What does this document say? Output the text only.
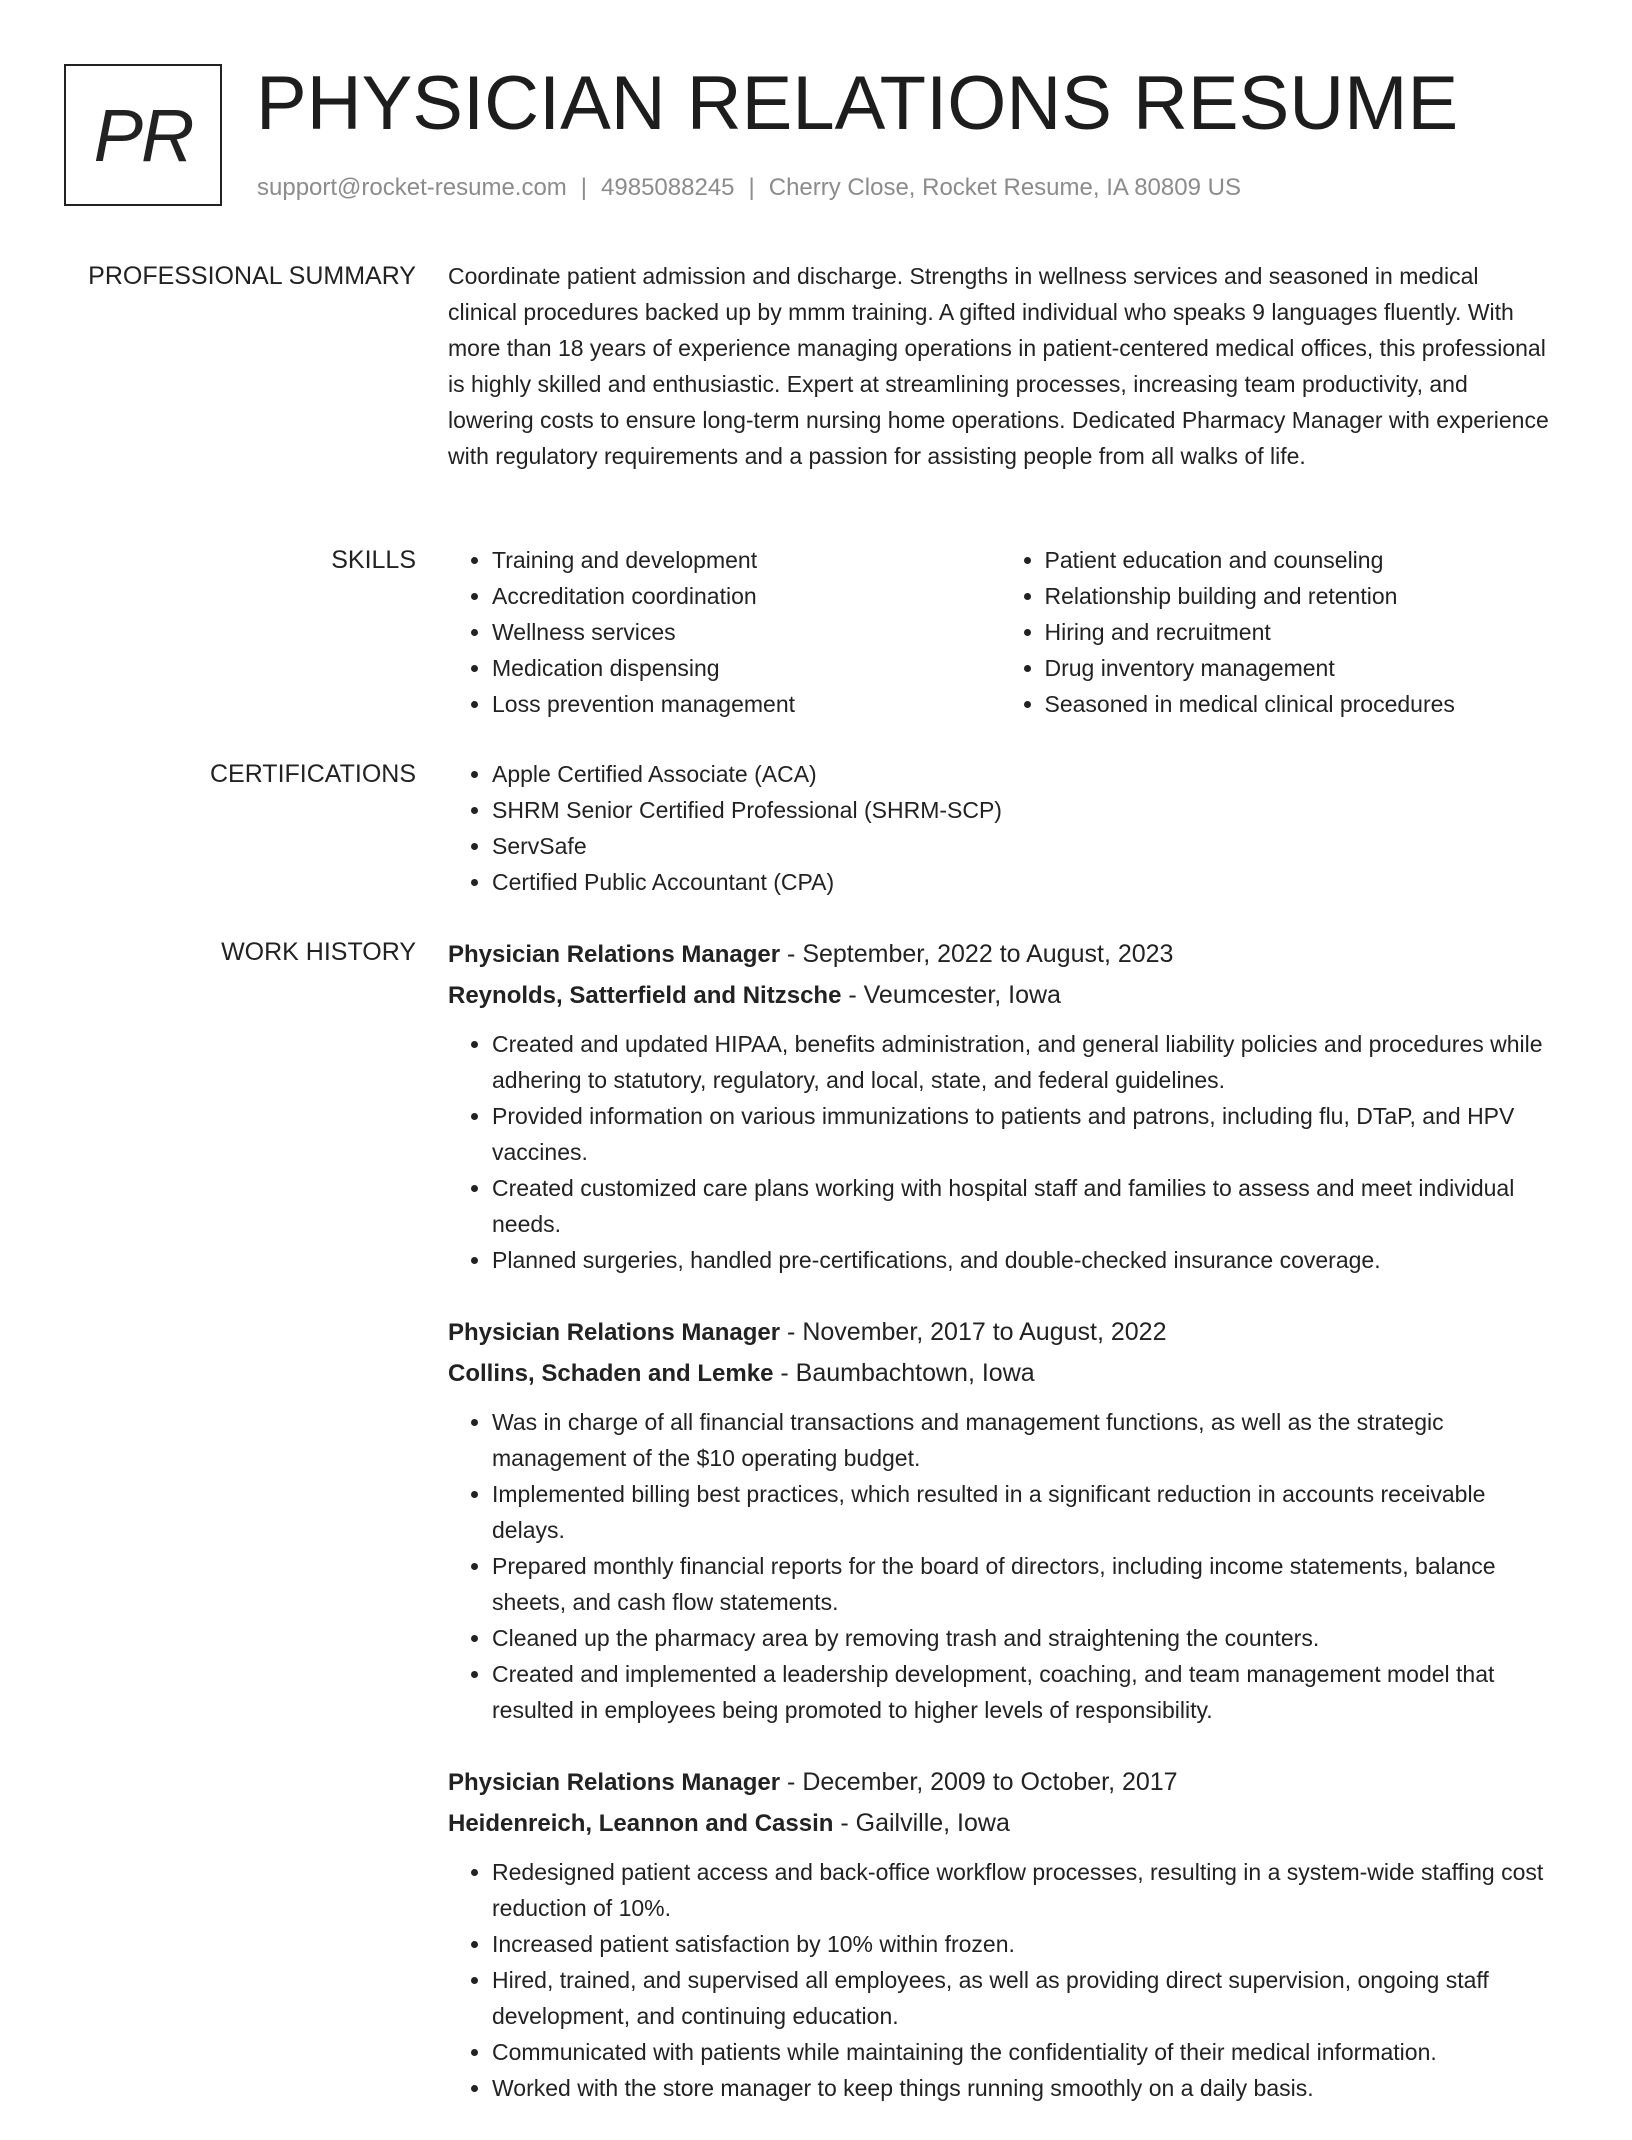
PR PHYSICIAN RELATIONS RESUME
support@rocket-resume.com | 4985088245 | Cherry Close, Rocket Resume, IA 80809 US
PROFESSIONAL SUMMARY Coordinate patient admission and discharge. Strengths in wellness services and seasoned in medical clinical procedures backed up by mmm training. A gifted individual who speaks 9 languages fluently. With more than 18 years of experience managing operations in patient-centered medical offices, this professional is highly skilled and enthusiastic. Expert at streamlining processes, increasing team productivity, and lowering costs to ensure long-term nursing home operations. Dedicated Pharmacy Manager with experience with regulatory requirements and a passion for assisting people from all walks of life.
SKILLS	• Training and development
• Accreditation coordination
• Wellness services
• Medication dispensing
• Loss prevention management
• Patient education and counseling
• Relationship building and retention
• Hiring and recruitment
• Drug inventory management
• Seasoned in medical clinical procedures
CERTIFICATIONS	• Apple Certified Associate (ACA)
• SHRM Senior Certified Professional (SHRM-SCP)
• ServSafe
• Certified Public Accountant (CPA)
WORK HISTORY Physician Relations Manager - September, 2022 to August, 2023
Reynolds, Satterfield and Nitzsche - Veumcester, Iowa
• Created and updated HIPAA, benefits administration, and general liability policies and procedures while adhering to statutory, regulatory, and local, state, and federal guidelines.
• Provided information on various immunizations to patients and patrons, including flu, DTaP, and HPV vaccines.
• Created customized care plans working with hospital staff and families to assess and meet individual needs.
• Planned surgeries, handled pre-certifications, and double-checked insurance coverage.
Physician Relations Manager - November, 2017 to August, 2022
Collins, Schaden and Lemke - Baumbachtown, Iowa
• Was in charge of all financial transactions and management functions, as well as the strategic management of the $10 operating budget.
• Implemented billing best practices, which resulted in a significant reduction in accounts receivable delays.
• Prepared monthly financial reports for the board of directors, including income statements, balance sheets, and cash flow statements.
• Cleaned up the pharmacy area by removing trash and straightening the counters.
• Created and implemented a leadership development, coaching, and team management model that resulted in employees being promoted to higher levels of responsibility.
Physician Relations Manager - December, 2009 to October, 2017
Heidenreich, Leannon and Cassin - Gailville, Iowa
• Redesigned patient access and back-office workflow processes, resulting in a system-wide staffing cost reduction of 10%.
• Increased patient satisfaction by 10% within frozen.
• Hired, trained, and supervised all employees, as well as providing direct supervision, ongoing staff development, and continuing education.
• Communicated with patients while maintaining the confidentiality of their medical information.
• Worked with the store manager to keep things running smoothly on a daily basis.
